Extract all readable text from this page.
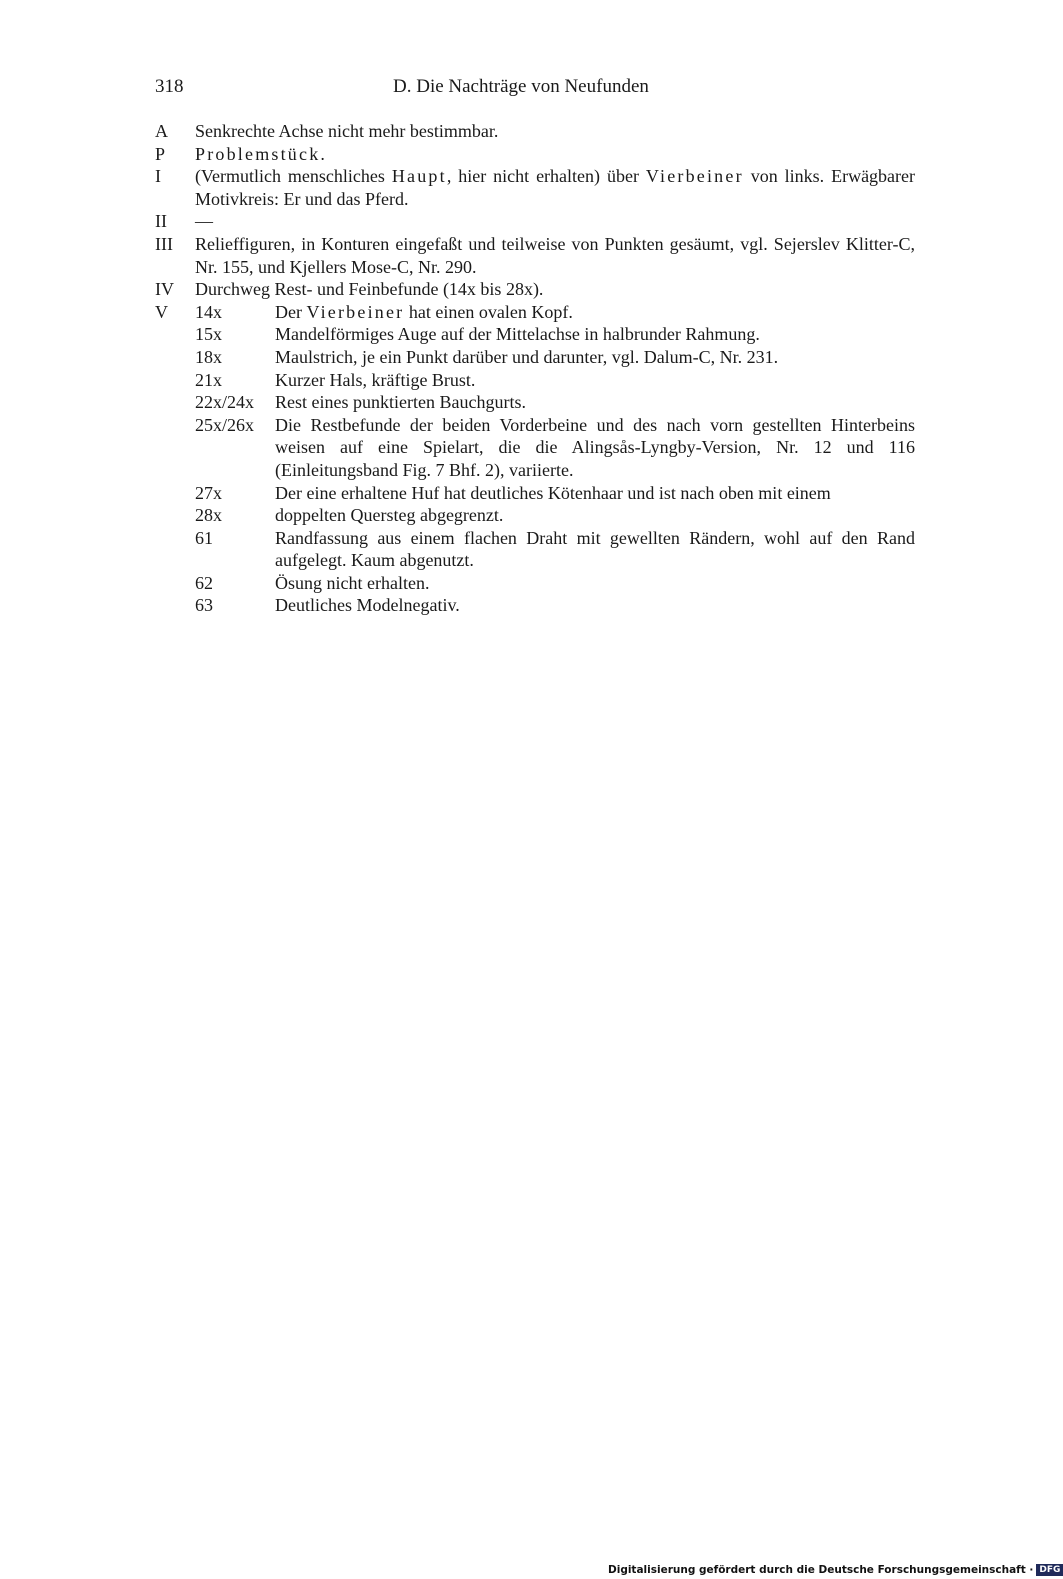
318	D. Die Nachträge von Neufunden
A Senkrechte Achse nicht mehr bestimmbar.
P Problemstück.
I (Vermutlich menschliches Haupt, hier nicht erhalten) über Vierbeiner von links. Erwägbarer Motivkreis: Er und das Pferd.
II —
III Relieffiguren, in Konturen eingefaßt und teilweise von Punkten gesäumt, vgl. Sejerslev Klitter-C, Nr. 155, und Kjellers Mose-C, Nr. 290.
IV Durchweg Rest- und Feinbefunde (14x bis 28x).
V 14x	Der Vierbeiner hat einen ovalen Kopf.
15x	Mandelförmiges Auge auf der Mittelachse in halbrunder Rahmung.
18x	Maulstrich, je ein Punkt darüber und darunter, vgl. Dalum-C, Nr. 231.
21x	Kurzer Hals, kräftige Brust.
22x/24x Rest eines punktierten Bauchgurts.
25x/26x Die Restbefunde der beiden Vorderbeine und des nach vorn gestellten Hinterbeins weisen auf eine Spielart, die die Alingsås-Lyngby-Version, Nr. 12 und 116 (Einleitungsband Fig. 7 Bhf. 2), variierte.
27x	Der eine erhaltene Huf hat deutliches Kötenhaar und ist nach oben mit einem
28x	doppelten Quersteg abgegrenzt.
61	Randfassung aus einem flachen Draht mit gewellten Rändern, wohl auf den Rand aufgelegt. Kaum abgenutzt.
62	Ösung nicht erhalten.
63	Deutliches Modelnegativ.
Digitalisierung gefördert durch die Deutsche Forschungsgemeinschaft · DFG
